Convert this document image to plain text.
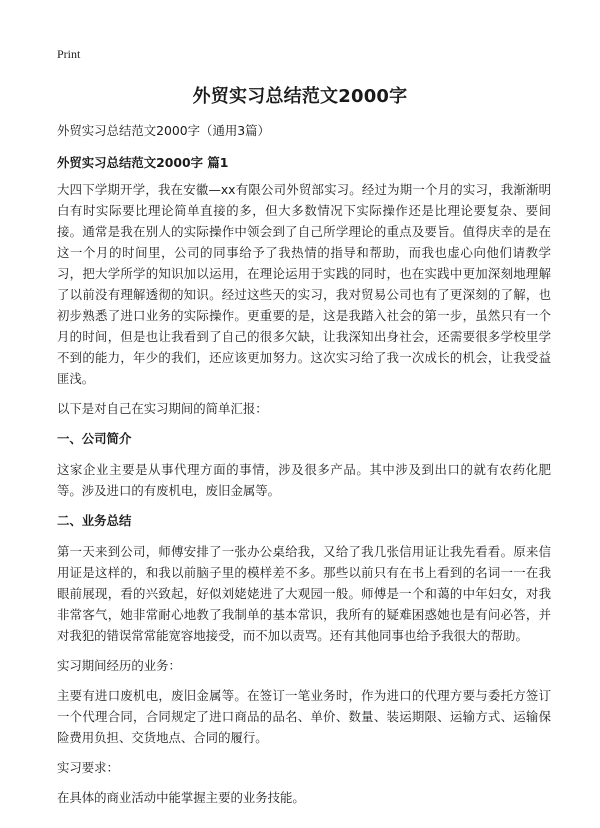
Print
外贸实习总结范文2000字

外贸实习总结范文2000字（通用3篇）

外贸实习总结范文2000字 篇1

大四下学期开学，我在安徽—xx有限公司外贸部实习。经过为期一个月的实习，我渐渐明白有时实际要比理论简单直接的多，但大多数情况下实际操作还是比理论要复杂、要间接。通常是我在别人的实际操作中领会到了自己所学理论的重点及要旨。值得庆幸的是在这一个月的时间里，公司的同事给予了我热情的指导和帮助，而我也虚心向他们请教学习，把大学所学的知识加以运用，在理论运用于实践的同时，也在实践中更加深刻地理解了以前没有理解透彻的知识。经过这些天的实习，我对贸易公司也有了更深刻的了解，也初步熟悉了进口业务的实际操作。更重要的是，这是我踏入社会的第一步，虽然只有一个月的时间，但是也让我看到了自己的很多欠缺，让我深知出身社会，还需要很多学校里学不到的能力，年少的我们，还应该更加努力。这次实习给了我一次成长的机会，让我受益匪浅。

以下是对自己在实习期间的简单汇报：

一、公司简介

这家企业主要是从事代理方面的事情，涉及很多产品。其中涉及到出口的就有农药化肥等。涉及进口的有废机电，废旧金属等。

二、业务总结

第一天来到公司，师傅安排了一张办公桌给我，又给了我几张信用证让我先看看。原来信用证是这样的，和我以前脑子里的模样差不多。那些以前只有在书上看到的名词一一在我眼前展现，看的兴致起，好似刘姥姥进了大观园一般。师傅是一个和蔼的中年妇女，对我非常客气，她非常耐心地教了我制单的基本常识，我所有的疑难困惑她也是有问必答，并对我犯的错误常常能宽容地接受，而不加以责骂。还有其他同事也给予我很大的帮助。

实习期间经历的业务：

主要有进口废机电，废旧金属等。在签订一笔业务时，作为进口的代理方要与委托方签订一个代理合同，合同规定了进口商品的品名、单价、数量、装运期限、运输方式、运输保险费用负担、交货地点、合同的履行。

实习要求：

在具体的商业活动中能掌握主要的业务技能。
